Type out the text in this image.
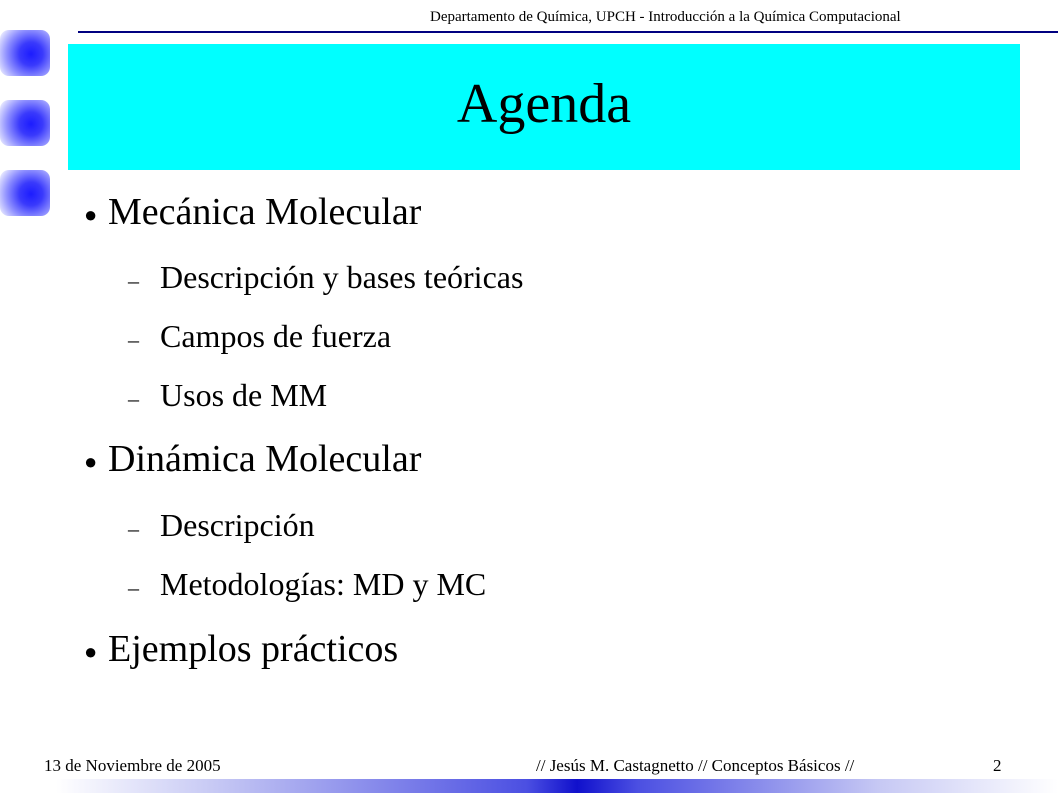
Departamento de Química, UPCH - Introducción a la Química Computacional
Agenda
● Mecánica Molecular
– Descripción y bases teóricas
– Campos de fuerza
– Usos de MM
● Dinámica Molecular
– Descripción
– Metodologías: MD y MC
● Ejemplos prácticos
13 de Noviembre de 2005	// Jesús M. Castagnetto // Conceptos Básicos //	2
